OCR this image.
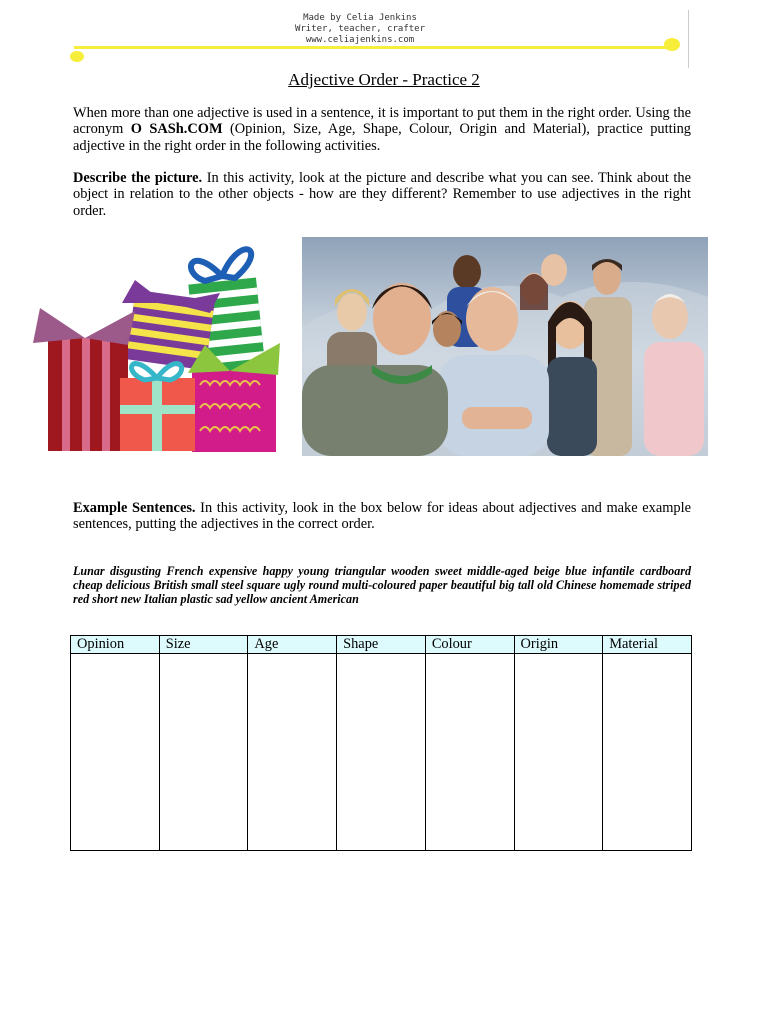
Made by Celia Jenkins
Writer, teacher, crafter
www.celiajenkins.com
Adjective Order - Practice 2
When more than one adjective is used in a sentence, it is important to put them in the right order. Using the acronym O SASh.COM (Opinion, Size, Age, Shape, Colour, Origin and Material), practice putting adjective in the right order in the following activities.
Describe the picture. In this activity, look at the picture and describe what you can see. Think about the object in relation to the other objects - how are they different? Remember to use adjectives in the right order.
Example Sentences. In this activity, look in the box below for ideas about adjectives and make example sentences, putting the adjectives in the correct order.
Lunar disgusting French expensive happy young triangular wooden sweet middle-aged beige blue infantile cardboard cheap delicious British small steel square ugly round multi-coloured paper beautiful big tall old Chinese homemade striped red short new Italian plastic sad yellow ancient American
Opinion	Size	Age	Shape	Colour	Origin	Material
